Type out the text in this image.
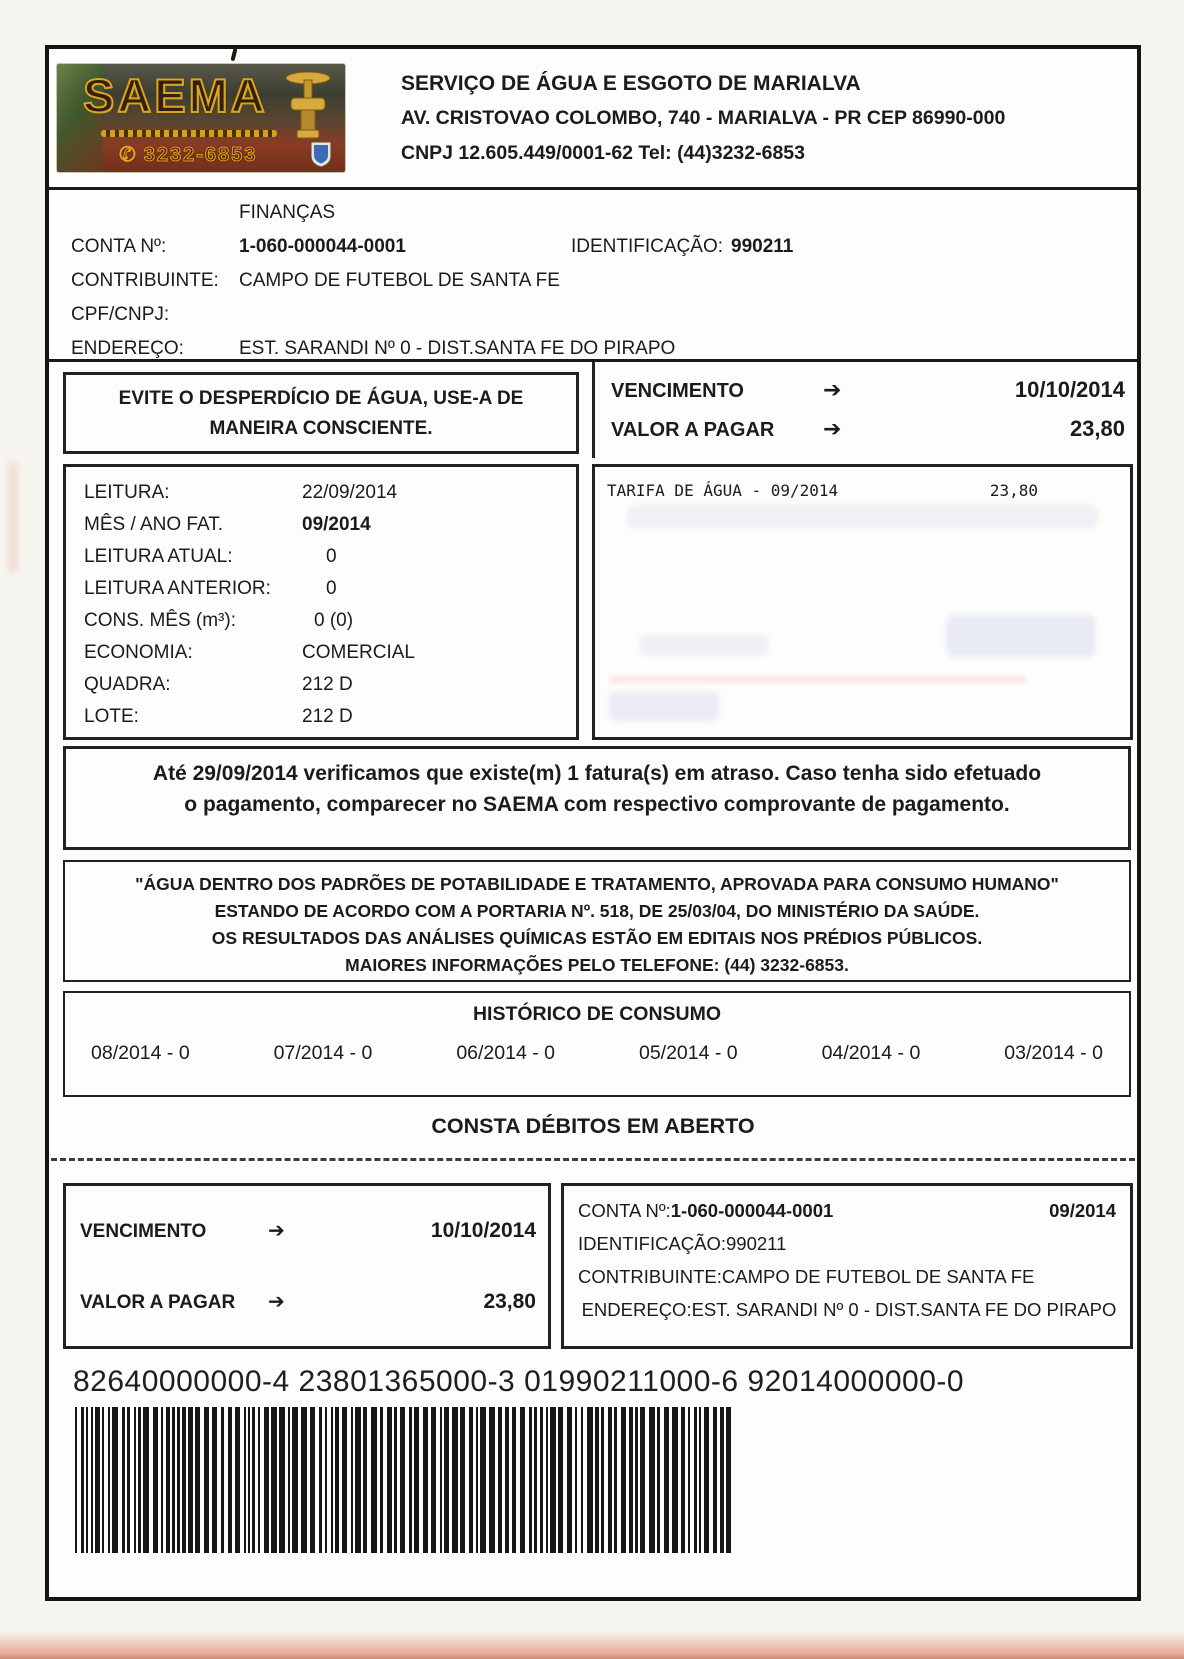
SAEMA
✆ 3232-6853
SERVIÇO DE ÁGUA E ESGOTO DE MARIALVA
AV. CRISTOVAO COLOMBO, 740 - MARIALVA - PR CEP 86990-000
CNPJ 12.605.449/0001-62 Tel: (44)3232-6853
FINANÇAS
CONTA Nº:	1-060-000044-0001	IDENTIFICAÇÃO: 990211
CONTRIBUINTE:	CAMPO DE FUTEBOL DE SANTA FE
CPF/CNPJ:
ENDEREÇO:	EST. SARANDI Nº 0 - DIST.SANTA FE DO PIRAPO
EVITE O DESPERDÍCIO DE ÁGUA, USE-A DE
MANEIRA CONSCIENTE.
VENCIMENTO	➔	10/10/2014
VALOR A PAGAR	➔	23,80
LEITURA:	22/09/2014
MÊS / ANO FAT.	09/2014
LEITURA ATUAL:	0
LEITURA ANTERIOR:	0
CONS. MÊS (m³):	0 (0)
ECONOMIA:	COMERCIAL
QUADRA:	212 D
LOTE:	212 D
TARIFA DE ÁGUA - 09/2014	23,80
Até 29/09/2014 verificamos que existe(m) 1 fatura(s) em atraso. Caso tenha sido efetuado
o pagamento, comparecer no SAEMA com respectivo comprovante de pagamento.
"ÁGUA DENTRO DOS PADRÕES DE POTABILIDADE E TRATAMENTO, APROVADA PARA CONSUMO HUMANO"
ESTANDO DE ACORDO COM A PORTARIA Nº. 518, DE 25/03/04, DO MINISTÉRIO DA SAÚDE.
OS RESULTADOS DAS ANÁLISES QUÍMICAS ESTÃO EM EDITAIS NOS PRÉDIOS PÚBLICOS.
MAIORES INFORMAÇÕES PELO TELEFONE: (44) 3232-6853.
HISTÓRICO DE CONSUMO
08/2014 - 0	07/2014 - 0	06/2014 - 0	05/2014 - 0	04/2014 - 0	03/2014 - 0
CONSTA DÉBITOS EM ABERTO
VENCIMENTO	➔	10/10/2014
VALOR A PAGAR	➔	23,80
CONTA Nº: 1-060-000044-0001	09/2014
IDENTIFICAÇÃO:990211
CONTRIBUINTE:CAMPO DE FUTEBOL DE SANTA FE
ENDEREÇO:EST. SARANDI Nº 0 - DIST.SANTA FE DO PIRAPO
82640000000-4 23801365000-3 01990211000-6 92014000000-0
